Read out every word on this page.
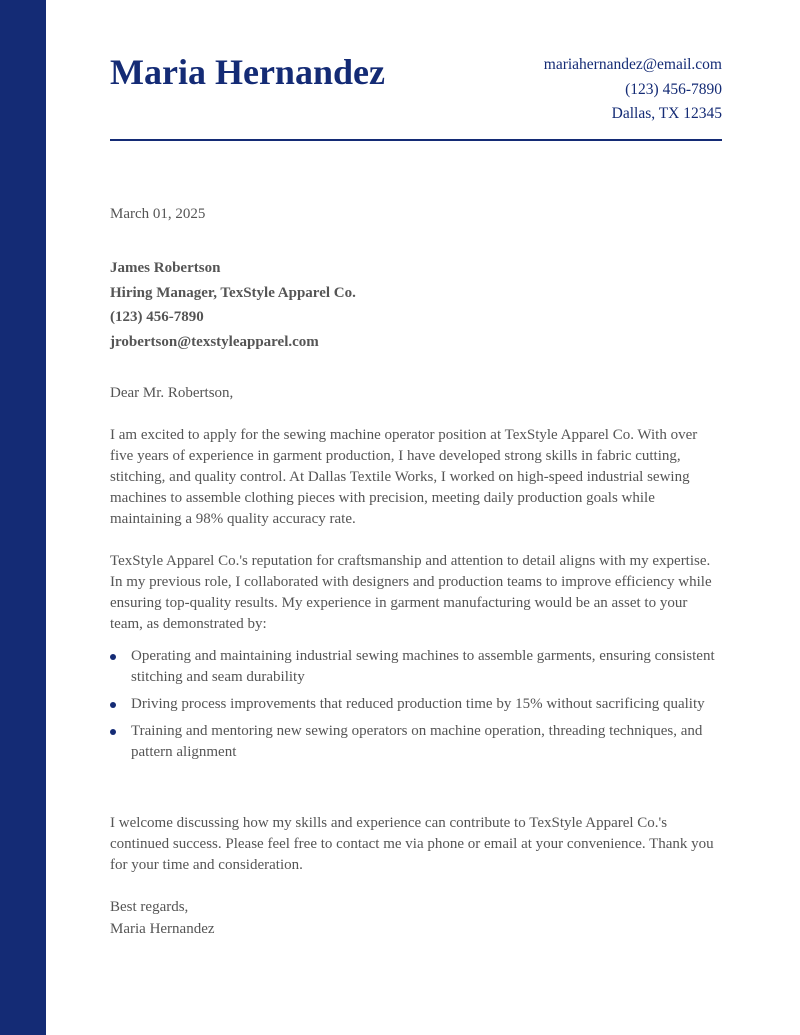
Maria Hernandez	mariahernandez@email.com
(123) 456-7890
Dallas, TX 12345
March 01, 2025
James Robertson
Hiring Manager, TexStyle Apparel Co.
(123) 456-7890
jrobertson@texstyleapparel.com
Dear Mr. Robertson,

I am excited to apply for the sewing machine operator position at TexStyle Apparel Co. With over five years of experience in garment production, I have developed strong skills in fabric cutting, stitching, and quality control. At Dallas Textile Works, I worked on high-speed industrial sewing machines to assemble clothing pieces with precision, meeting daily production goals while maintaining a 98% quality accuracy rate.

TexStyle Apparel Co.'s reputation for craftsmanship and attention to detail aligns with my expertise. In my previous role, I collaborated with designers and production teams to improve efficiency while ensuring top-quality results. My experience in garment manufacturing would be an asset to your team, as demonstrated by:

Operating and maintaining industrial sewing machines to assemble garments, ensuring consistent stitching and seam durability
Driving process improvements that reduced production time by 15% without sacrificing quality
Training and mentoring new sewing operators on machine operation, threading techniques, and pattern alignment

I welcome discussing how my skills and experience can contribute to TexStyle Apparel Co.'s continued success. Please feel free to contact me via phone or email at your convenience. Thank you for your time and consideration.

Best regards,
Maria Hernandez
